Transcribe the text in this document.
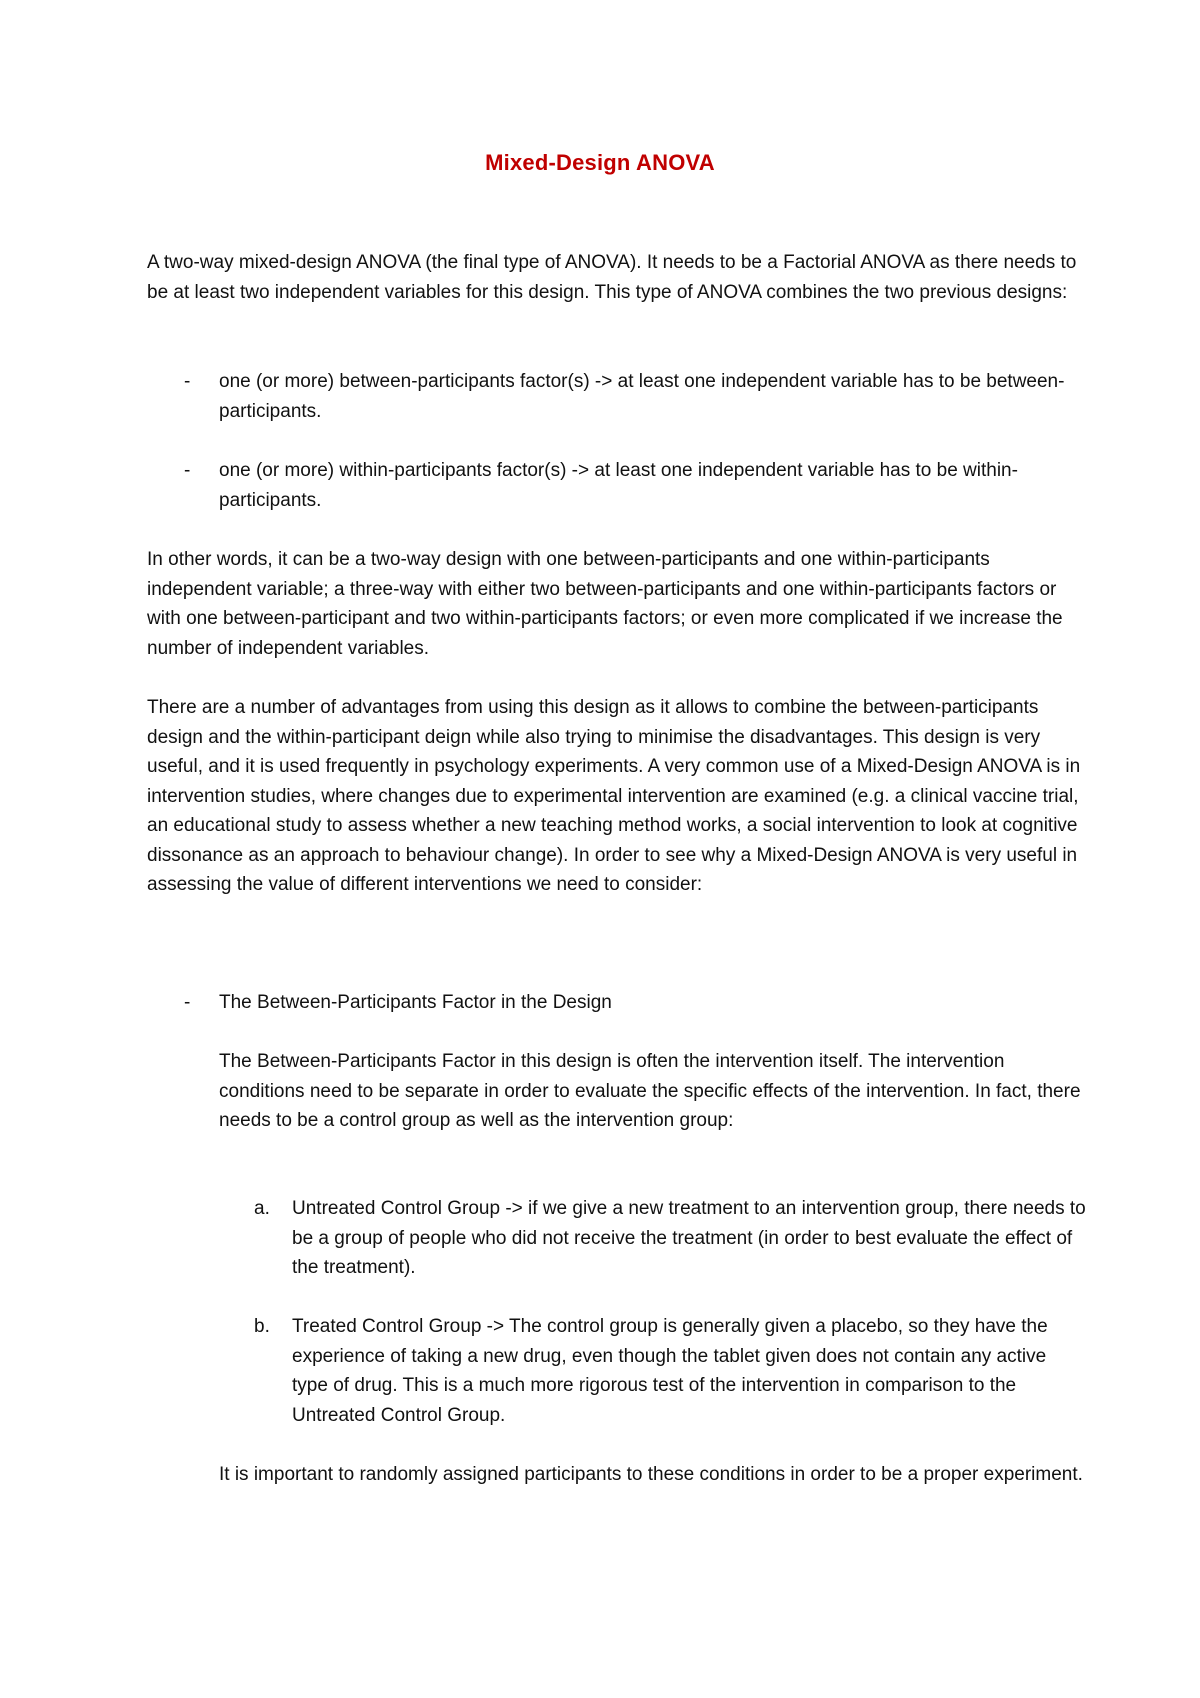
Mixed-Design ANOVA

A two-way mixed-design ANOVA (the final type of ANOVA). It needs to be a Factorial ANOVA as there needs to be at least two independent variables for this design. This type of ANOVA combines the two previous designs:

-	one (or more) between-participants factor(s) -> at least one independent variable has to be between-participants.

-	one (or more) within-participants factor(s) -> at least one independent variable has to be within-participants.

In other words, it can be a two-way design with one between-participants and one within-participants independent variable; a three-way with either two between-participants and one within-participants factors or with one between-participant and two within-participants factors; or even more complicated if we increase the number of independent variables.

There are a number of advantages from using this design as it allows to combine the between-participants design and the within-participant deign while also trying to minimise the disadvantages. This design is very useful, and it is used frequently in psychology experiments. A very common use of a Mixed-Design ANOVA is in intervention studies, where changes due to experimental intervention are examined (e.g. a clinical vaccine trial, an educational study to assess whether a new teaching method works, a social intervention to look at cognitive dissonance as an approach to behaviour change). In order to see why a Mixed-Design ANOVA is very useful in assessing the value of different interventions we need to consider:

-	The Between-Participants Factor in the Design

The Between-Participants Factor in this design is often the intervention itself. The intervention conditions need to be separate in order to evaluate the specific effects of the intervention. In fact, there needs to be a control group as well as the intervention group:

a. Untreated Control Group -> if we give a new treatment to an intervention group, there needs to be a group of people who did not receive the treatment (in order to best evaluate the effect of the treatment).

b. Treated Control Group -> The control group is generally given a placebo, so they have the experience of taking a new drug, even though the tablet given does not contain any active type of drug. This is a much more rigorous test of the intervention in comparison to the Untreated Control Group.

It is important to randomly assigned participants to these conditions in order to be a proper experiment.
